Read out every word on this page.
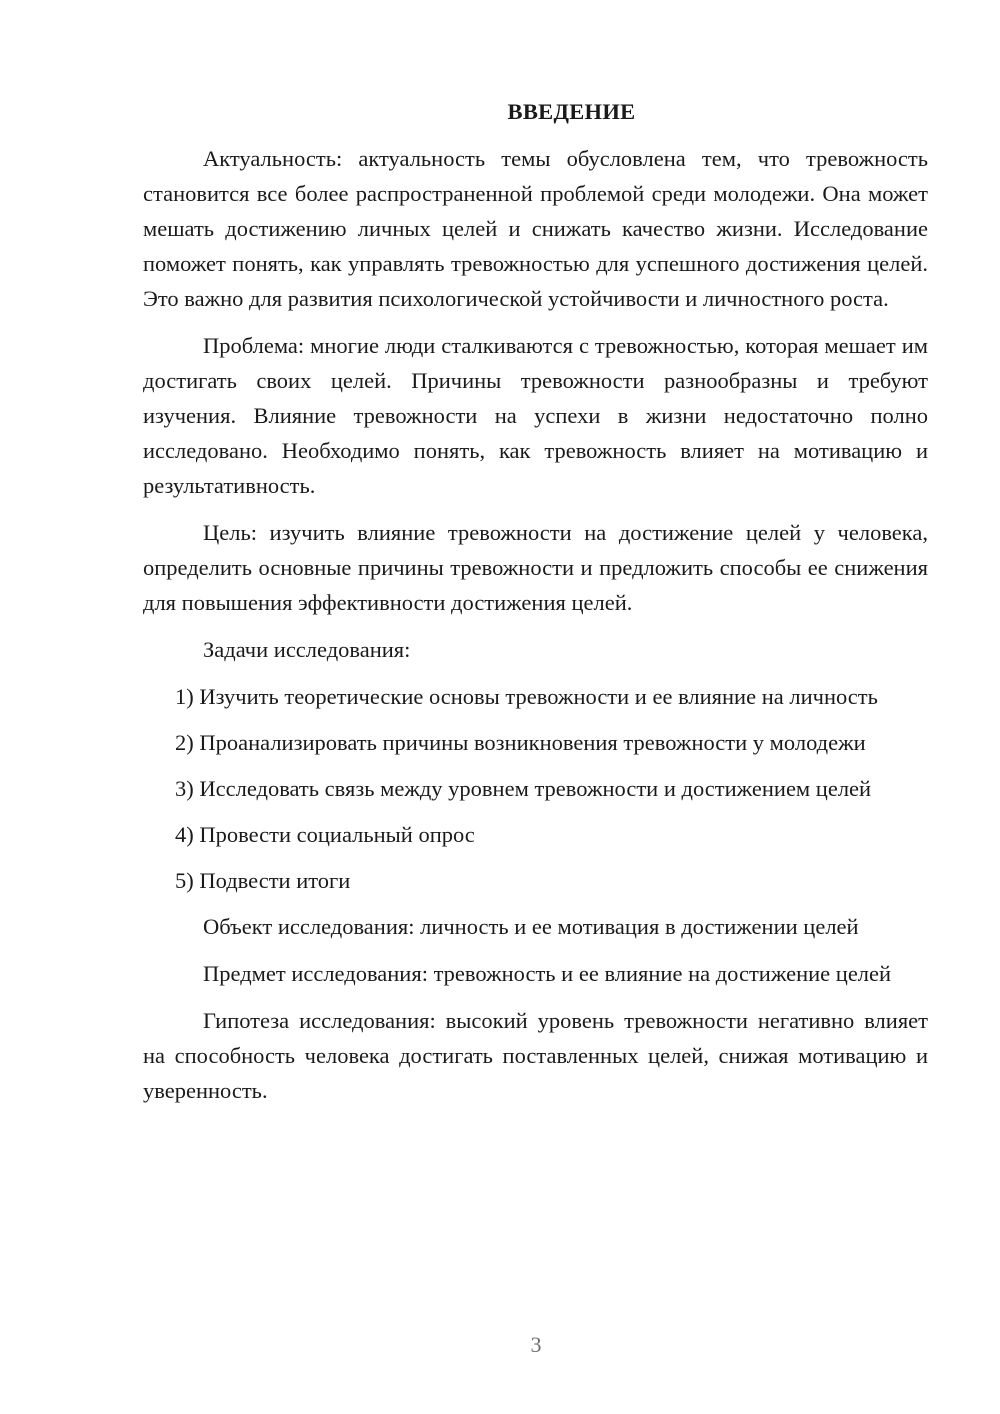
ВВЕДЕНИЕ

Актуальность: актуальность темы обусловлена тем, что тревожность становится все более распространенной проблемой среди молодежи. Она может мешать достижению личных целей и снижать качество жизни. Исследование поможет понять, как управлять тревожностью для успешного достижения целей. Это важно для развития психологической устойчивости и личностного роста.

Проблема: многие люди сталкиваются с тревожностью, которая мешает им достигать своих целей. Причины тревожности разнообразны и требуют изучения. Влияние тревожности на успехи в жизни недостаточно полно исследовано. Необходимо понять, как тревожность влияет на мотивацию и результативность.

Цель: изучить влияние тревожности на достижение целей у человека, определить основные причины тревожности и предложить способы ее снижения для повышения эффективности достижения целей.

Задачи исследования:

1) Изучить теоретические основы тревожности и ее влияние на личность

2) Проанализировать причины возникновения тревожности у молодежи

3) Исследовать связь между уровнем тревожности и достижением целей

4) Провести социальный опрос

5) Подвести итоги

Объект исследования: личность и ее мотивация в достижении целей

Предмет исследования: тревожность и ее влияние на достижение целей

Гипотеза исследования: высокий уровень тревожности негативно влияет на способность человека достигать поставленных целей, снижая мотивацию и уверенность.

3
